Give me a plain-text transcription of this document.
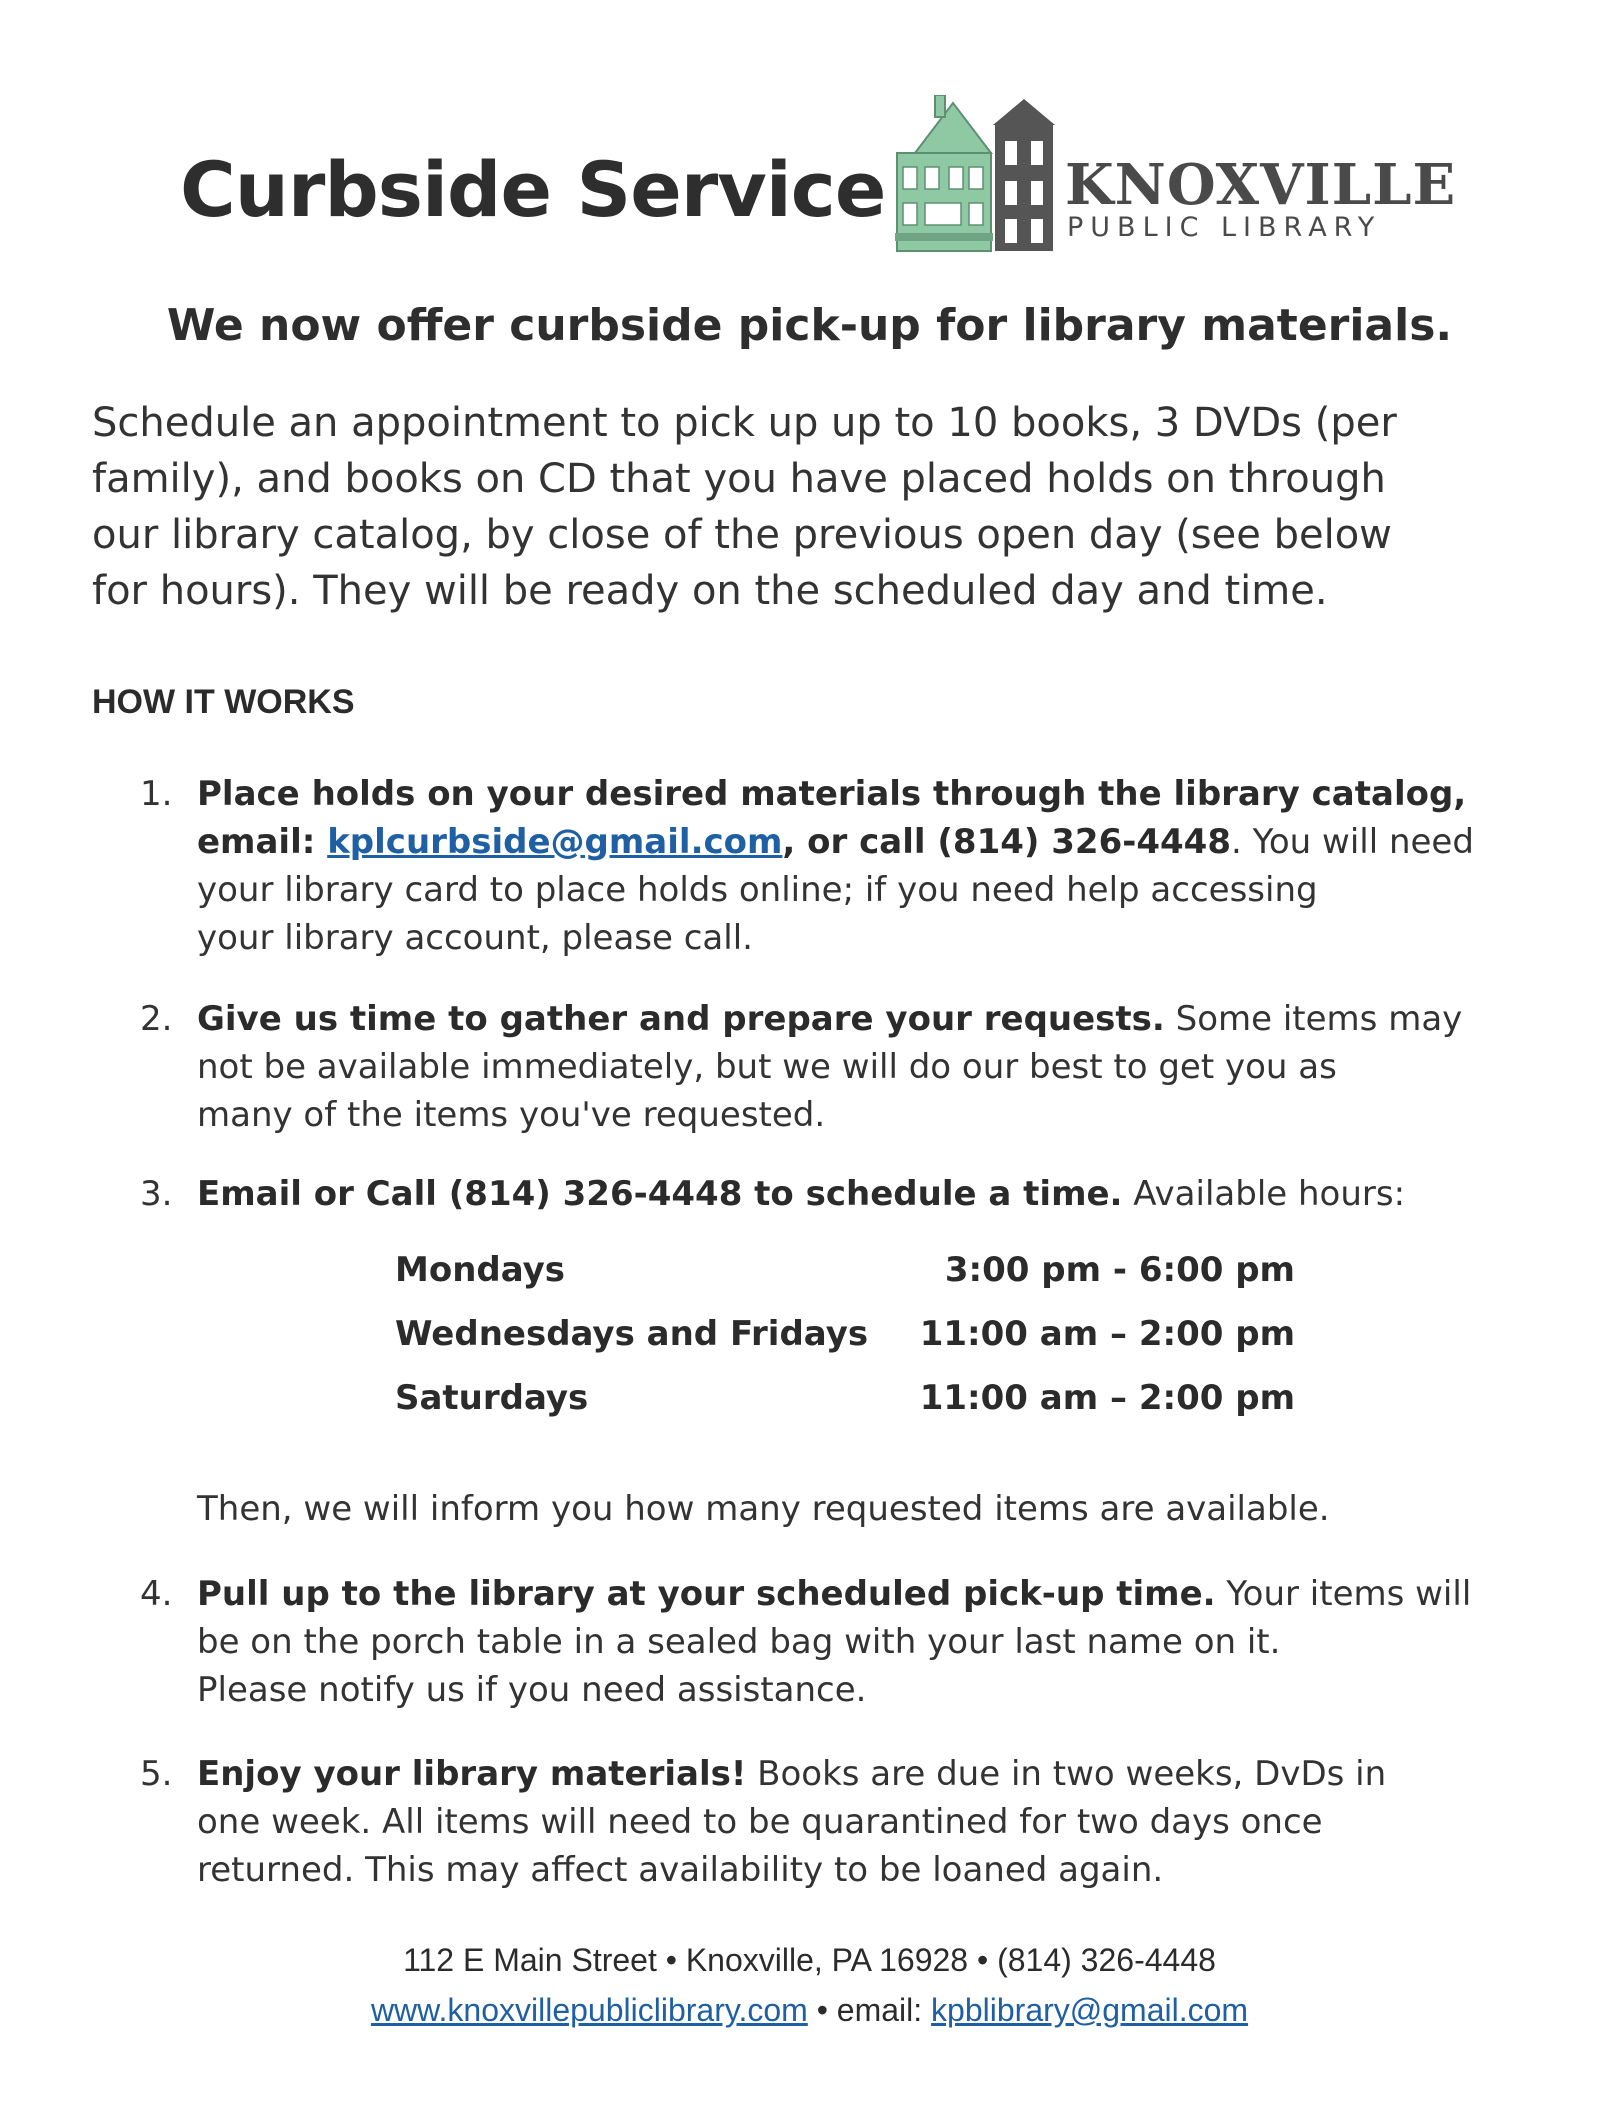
Curbside Service	KNOXVILLE
PUBLIC LIBRARY
We now offer curbside pick-up for library materials.
Schedule an appointment to pick up up to 10 books, 3 DVDs (per
family), and books on CD that you have placed holds on through
our library catalog, by close of the previous open day (see below
for hours). They will be ready on the scheduled day and time.
HOW IT WORKS
1. Place holds on your desired materials through the library catalog,
email: kplcurbside@gmail.com, or call (814) 326-4448. You will need
your library card to place holds online; if you need help accessing
your library account, please call.
2. Give us time to gather and prepare your requests. Some items may
not be available immediately, but we will do our best to get you as
many of the items you've requested.
3. Email or Call (814) 326-4448 to schedule a time. Available hours:
Mondays	3:00 pm - 6:00 pm
Wednesdays and Fridays 11:00 am – 2:00 pm
Saturdays	11:00 am – 2:00 pm
Then, we will inform you how many requested items are available.
4. Pull up to the library at your scheduled pick-up time. Your items will
be on the porch table in a sealed bag with your last name on it.
Please notify us if you need assistance.
5. Enjoy your library materials! Books are due in two weeks, DvDs in
one week. All items will need to be quarantined for two days once
returned. This may affect availability to be loaned again.
112 E Main Street • Knoxville, PA 16928 • (814) 326-4448
www.knoxvillepubliclibrary.com • email: kpblibrary@gmail.com
